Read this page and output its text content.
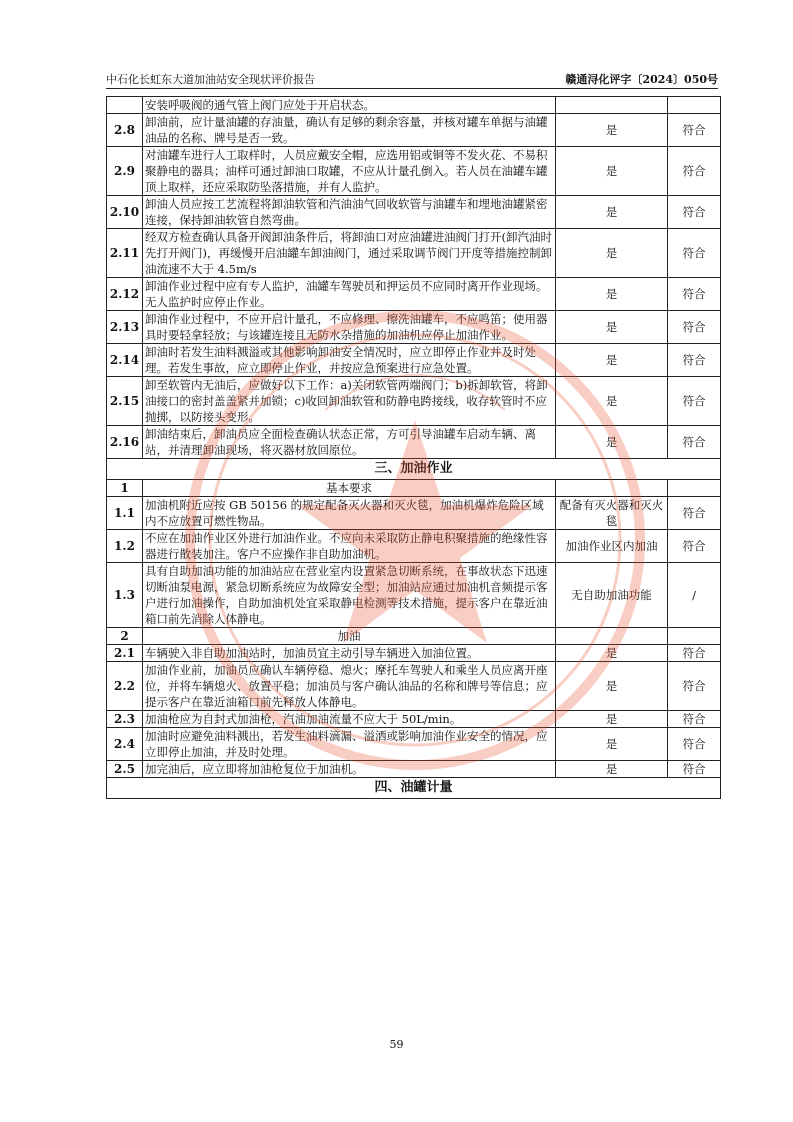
中石化长虹东大道加油站安全现状评价报告	赣通浔化评字〔2024〕050号
	安装呼吸阀的通气管上阀门应处于开启状态。		
2.8	卸油前，应计量油罐的存油量，确认有足够的剩余容量，并核对罐车单据与油罐油品的名称、牌号是否一致。	是	符合
2.9	对油罐车进行人工取样时，人员应戴安全帽，应选用铝或铜等不发火花、不易积聚静电的器具；油样可通过卸油口取罐，不应从计量孔倒入。若人员在油罐车罐顶上取样，还应采取防坠落措施，并有人监护。	是	符合
2.10	卸油人员应按工艺流程将卸油软管和汽油油气回收软管与油罐车和埋地油罐紧密连接，保持卸油软管自然弯曲。	是	符合
2.11	经双方检查确认具备开阀卸油条件后，将卸油口对应油罐进油阀门打开(卸汽油时先打开阀门)，再缓慢开启油罐车卸油阀门，通过采取调节阀门开度等措施控制卸油流速不大于 4.5m/s	是	符合
2.12	卸油作业过程中应有专人监护，油罐车驾驶员和押运员不应同时离开作业现场。无人监护时应停止作业。	是	符合
2.13	卸油作业过程中，不应开启计量孔，不应修理、擦洗油罐车，不应鸣笛；使用器具时要轻拿轻放；与该罐连接且无防水杂措施的加油机应停止加油作业。	是	符合
2.14	卸油时若发生油料溅溢或其他影响卸油安全情况时，应立即停止作业并及时处理。若发生事故，应立即停止作业，并按应急预案进行应急处置。	是	符合
2.15	卸至软管内无油后，应做好以下工作：a)关闭软管两端阀门；b)拆卸软管，将卸油接口的密封盖盖紧并加锁；c)收回卸油软管和防静电跨接线，收存软管时不应抛掷，以防接头变形。	是	符合
2.16	卸油结束后，卸油员应全面检查确认状态正常，方可引导油罐车启动车辆、离站，并清理卸油现场，将灭器材放回原位。	是	符合
三、加油作业			
1	基本要求		
1.1	加油机附近应按 GB 50156 的规定配备灭火器和灭火毯，加油机爆炸危险区域内不应放置可燃性物品。	配备有灭火器和灭火毯	符合
1.2	不应在加油作业区外进行加油作业。不应向未采取防止静电积聚措施的绝缘性容器进行散装加注。客户不应操作非自助加油机。	加油作业区内加油	符合
1.3	具有自助加油功能的加油站应在营业室内设置紧急切断系统，在事故状态下迅速切断油泵电源，紧急切断系统应为故障安全型；加油站应通过加油机音频提示客户进行加油操作，自助加油机处宜采取静电检测等技术措施，提示客户在靠近油箱口前先消除人体静电。	无自助加油功能	/
2	加油		
2.1	车辆驶入非自助加油站时，加油员宜主动引导车辆进入加油位置。	是	符合
2.2	加油作业前，加油员应确认车辆停稳、熄火；摩托车驾驶人和乘坐人员应离开座位，并将车辆熄火、放置平稳；加油员与客户确认油品的名称和牌号等信息；应提示客户在靠近油箱口前先释放人体静电。	是	符合
2.3	加油枪应为自封式加油枪，汽油加油流量不应大于 50L/min。	是	符合
2.4	加油时应避免油料溅出，若发生油料滴漏、溢洒或影响加油作业安全的情况，应立即停止加油，并及时处理。	是	符合
2.5	加完油后，应立即将加油枪复位于加油机。	是	符合
四、油罐计量			
59
